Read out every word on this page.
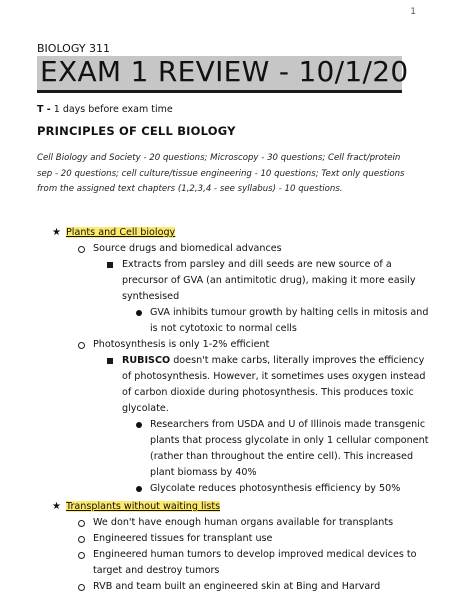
1
BIOLOGY 311
EXAM 1 REVIEW - 10/1/20
T - 1 days before exam time
PRINCIPLES OF CELL BIOLOGY
Cell Biology and Society - 20 questions; Microscopy - 30 questions; Cell fract/protein sep - 20 questions; cell culture/tissue engineering - 10 questions; Text only questions from the assigned text chapters (1,2,3,4 - see syllabus) - 10 questions.
★ Plants and Cell biology
Source drugs and biomedical advances
Extracts from parsley and dill seeds are new source of a precursor of GVA (an antimitotic drug), making it more easily synthesised
GVA inhibits tumour growth by halting cells in mitosis and is not cytotoxic to normal cells
Photosynthesis is only 1-2% efficient
RUBISCO doesn't make carbs, literally improves the efficiency of photosynthesis. However, it sometimes uses oxygen instead of carbon dioxide during photosynthesis. This produces toxic glycolate.
Researchers from USDA and U of Illinois made transgenic plants that process glycolate in only 1 cellular component (rather than throughout the entire cell). This increased plant biomass by 40%
Glycolate reduces photosynthesis efficiency by 50%
★ Transplants without waiting lists
We don't have enough human organs available for transplants
Engineered tissues for transplant use
Engineered human tumors to develop improved medical devices to target and destroy tumors
RVB and team built an engineered skin at Bing and Harvard
